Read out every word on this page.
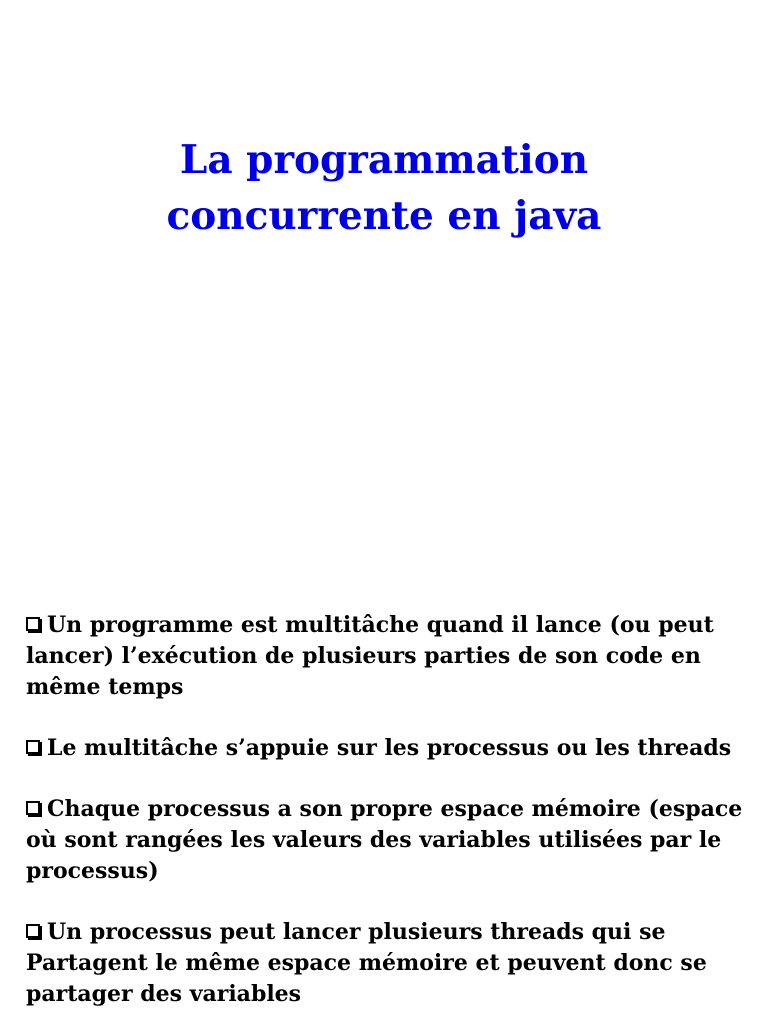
La programmation
concurrente en java
Un programme est multitâche quand il lance (ou peut lancer) l’exécution de plusieurs parties de son code en même temps
Le multitâche s’appuie sur les processus ou les threads
Chaque processus a son propre espace mémoire (espace où sont rangées les valeurs des variables utilisées par le processus)
Un processus peut lancer plusieurs threads qui se Partagent le même espace mémoire et peuvent donc se partager des variables
